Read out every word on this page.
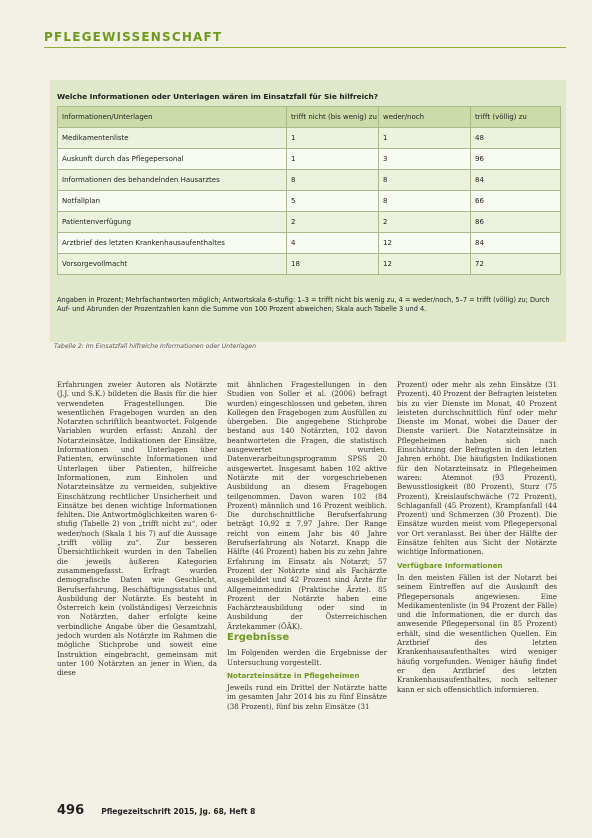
PFLEGEWISSENSCHAFT
Welche Informationen oder Unterlagen wären im Einsatzfall für Sie hilfreich?
Informationen/Unterlagen	trifft nicht (bis wenig) zu	weder/noch	trifft (völlig) zu
Medikamentenliste	1	1	48
Auskunft durch das Pflegepersonal	1	3	96
Informationen des behandelnden Hausarztes	8	8	84
Notfallplan	5	8	66
Patientenverfügung	2	2	86
Arztbrief des letzten Krankenhausaufenthaltes	4	12	84
Vorsorgevollmacht	18	12	72
Angaben in Prozent; Mehrfachantworten möglich; Antwortskala 6-stufig: 1–3 = trifft nicht bis wenig zu, 4 = weder/noch, 5–7 = trifft (völlig) zu; Durch Auf- und Abrunden der Prozentzahlen kann die Summe von 100 Prozent abweichen; Skala auch Tabelle 3 und 4.
Tabelle 2: Im Einsatzfall hilfreiche Informationen oder Unterlagen

Erfahrungen zweier Autoren als Notärzte (J.J. und S.K.) bildeten die Basis für die hier verwendeten Fragestellungen. Die wesentlichen Fragebogen wurden an den Notarzten schriftlich beantwortet. Folgende Variablen wurden erfasst: Anzahl der Notarzteinsätze, Indikationen der Einsätze, Informationen und Unterlagen über Patienten, erwünschte Informationen und Unterlagen über Patienten, hilfreiche Informationen, zum Einholen und Notarzteinsätze zu vermeiden, subjektive Einschätzung rechtlicher Unsicherheit und Einsätze bei denen wichtige Informationen fehlten. Die Antwortmöglichkeiten waren 6-stufig (Tabelle 2) von „trifft nicht zu“, oder weder/noch (Skala 1 bis 7) auf die Aussage „trifft völlig zu“. Zur besseren Übersichtlichkeit wurden in den Tabellen die jeweils äußeren Kategorien zusammengefasst. Erfragt wurden demografische Daten wie Geschlecht, Berufserfahrung, Beschäftigungsstatus und Ausbildung der Notärzte. Es besteht in Österreich kein (vollständiges) Verzeichnis von Notärzten, daher erfolgte keine verbindliche Angabe über die Gesamtzahl, jedoch wurden als Notärzte im Rahmen die mögliche Stichprobe und soweit eine Instruktion eingebracht, gemeinsam mit unter 100 Notärzten an jener in Wien, da diese

mit ähnlichen Fragestellungen in den Studien von Soller et al. (2006) befragt wurden) eingeschlossen und gebeten, ihren Kollegen den Fragebogen zum Ausfüllen zu übergeben. Die angegebene Stichprobe bestand aus 140 Notärzten, 102 davon beantworteten die Fragen, die statistisch ausgewertet wurden. Datenverarbeitungsprogramm SPSS 20 ausgewertet. Insgesamt haben 102 aktive Notärzte mit der vorgeschriebenen Ausbildung an diesem Fragebogen teilgenommen. Davon waren 102 (84 Prozent) männlich und 16 Prozent weiblich. Die durchschnittliche Berufserfahrung beträgt 10,92 ± 7,97 Jahre. Der Range reicht von einem Jahr bis 40 Jahre Berufserfahrung als Notarzt. Knapp die Hälfte (46 Prozent) haben bis zu zehn Jahre Erfahrung im Einsatz als Notarzt; 57 Prozent der Notärzte sind als Fachärzte ausgebildet und 42 Prozent sind Ärzte für Allgemeinmedizin (Praktische Ärzte). 85 Prozent der Notärzte haben eine Fachärzteausbildung oder sind in Ausbildung der Österreichischen Ärztekammer (ÖÄK).

Ergebnisse

Im Folgenden werden die Ergebnisse der Untersuchung vorgestellt.

Notarzteinsätze in Pflegeheimen

Jeweils rund ein Drittel der Notärzte hatte im gesamten Jahr 2014 bis zu fünf Einsätze (38 Prozent), fünf bis zehn Einsätze (31

Prozent) oder mehr als zehn Einsätze (31 Prozent). 40 Prozent der Befragten leisteten bis zu vier Dienste im Monat, 40 Prozent leisteten durchschnittlich fünf oder mehr Dienste im Monat, wobei die Dauer der Dienste variiert. Die Notarzteinsätze in Pflegeheimen haben sich nach Einschätzung der Befragten in den letzten Jahren erhöht. Die häufigsten Indikationen für den Notarzteinsatz in Pflegeheimen waren: Atemnot (93 Prozent), Bewusstlosigkeit (80 Prozent), Sturz (75 Prozent), Kreislaufschwäche (72 Prozent), Schlaganfall (45 Prozent), Krampfanfall (44 Prozent) und Schmerzen (30 Prozent). Die Einsätze wurden meist vom Pflegepersonal vor Ort veranlasst. Bei über der Hälfte der Einsätze fehlten aus Sicht der Notärzte wichtige Informationen.

Verfügbare Informationen

In den meisten Fällen ist der Notarzt bei seinem Eintreffen auf die Auskunft des Pflegepersonals angewiesen. Eine Medikamentenliste (in 94 Prozent der Fälle) und die Informationen, die er durch das anwesende Pflegepersonal (in 85 Prozent) erhält, sind die wesentlichen Quellen. Ein Arztbrief des letzten Krankenhausaufenthaltes wird weniger häufig vorgefunden. Weniger häufig findet er den Arztbrief des letzten Krankenhausaufenthaltes, noch seltener kann er sich offensichtlich informieren.

496 Pflegezeitschrift 2015, Jg. 68, Heft 8
